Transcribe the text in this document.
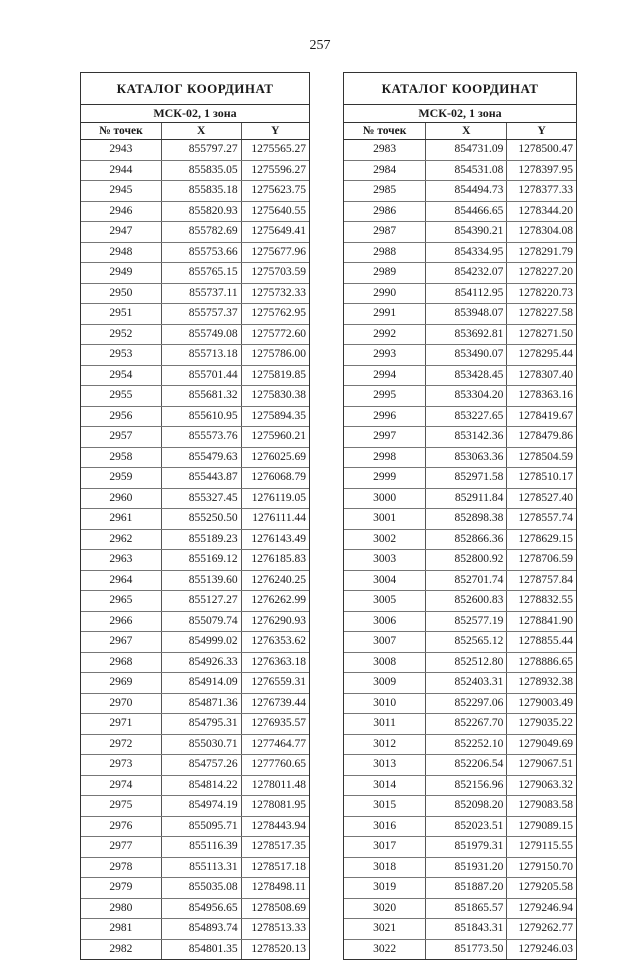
257
КАТАЛОГ КООРДИНАТ
МСК-02, 1 зона
№ точек	X	Y
2943	855797.27	1275565.27
2944	855835.05	1275596.27
2945	855835.18	1275623.75
2946	855820.93	1275640.55
2947	855782.69	1275649.41
2948	855753.66	1275677.96
2949	855765.15	1275703.59
2950	855737.11	1275732.33
2951	855757.37	1275762.95
2952	855749.08	1275772.60
2953	855713.18	1275786.00
2954	855701.44	1275819.85
2955	855681.32	1275830.38
2956	855610.95	1275894.35
2957	855573.76	1275960.21
2958	855479.63	1276025.69
2959	855443.87	1276068.79
2960	855327.45	1276119.05
2961	855250.50	1276111.44
2962	855189.23	1276143.49
2963	855169.12	1276185.83
2964	855139.60	1276240.25
2965	855127.27	1276262.99
2966	855079.74	1276290.93
2967	854999.02	1276353.62
2968	854926.33	1276363.18
2969	854914.09	1276559.31
2970	854871.36	1276739.44
2971	854795.31	1276935.57
2972	855030.71	1277464.77
2973	854757.26	1277760.65
2974	854814.22	1278011.48
2975	854974.19	1278081.95
2976	855095.71	1278443.94
2977	855116.39	1278517.35
2978	855113.31	1278517.18
2979	855035.08	1278498.11
2980	854956.65	1278508.69
2981	854893.74	1278513.33
2982	854801.35	1278520.13
КАТАЛОГ КООРДИНАТ
МСК-02, 1 зона
№ точек	X	Y
2983	854731.09	1278500.47
2984	854531.08	1278397.95
2985	854494.73	1278377.33
2986	854466.65	1278344.20
2987	854390.21	1278304.08
2988	854334.95	1278291.79
2989	854232.07	1278227.20
2990	854112.95	1278220.73
2991	853948.07	1278227.58
2992	853692.81	1278271.50
2993	853490.07	1278295.44
2994	853428.45	1278307.40
2995	853304.20	1278363.16
2996	853227.65	1278419.67
2997	853142.36	1278479.86
2998	853063.36	1278504.59
2999	852971.58	1278510.17
3000	852911.84	1278527.40
3001	852898.38	1278557.74
3002	852866.36	1278629.15
3003	852800.92	1278706.59
3004	852701.74	1278757.84
3005	852600.83	1278832.55
3006	852577.19	1278841.90
3007	852565.12	1278855.44
3008	852512.80	1278886.65
3009	852403.31	1278932.38
3010	852297.06	1279003.49
3011	852267.70	1279035.22
3012	852252.10	1279049.69
3013	852206.54	1279067.51
3014	852156.96	1279063.32
3015	852098.20	1279083.58
3016	852023.51	1279089.15
3017	851979.31	1279115.55
3018	851931.20	1279150.70
3019	851887.20	1279205.58
3020	851865.57	1279246.94
3021	851843.31	1279262.77
3022	851773.50	1279246.03
